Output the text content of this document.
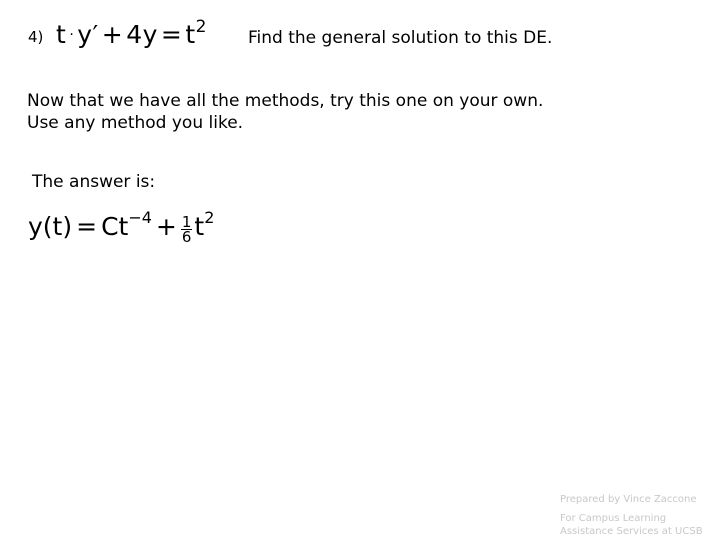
4) $t \cdot y' + 4y = t^2$
Find the general solution to this DE.
Now that we have all the methods, try this one on your own.
Use any method you like.
The answer is:
$y(t) = Ct^{-4} + \frac{1}{6} t^2$
Prepared by Vince Zaccone
For Campus Learning
Assistance Services at UCSB
